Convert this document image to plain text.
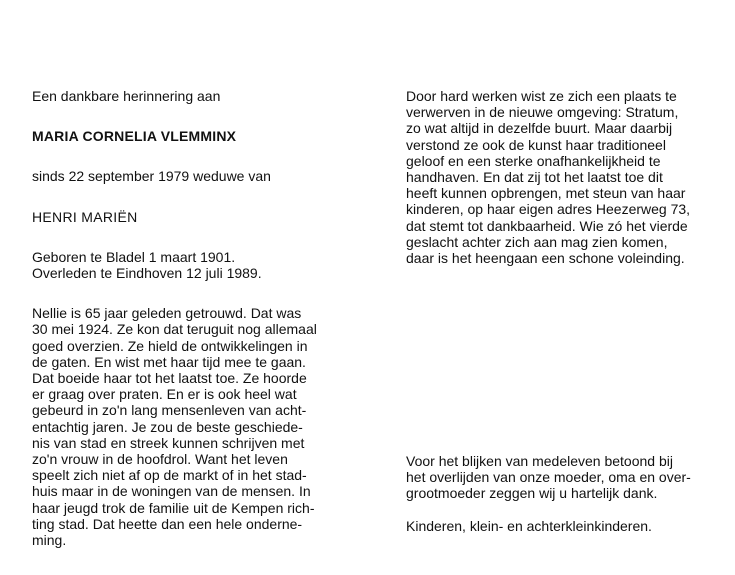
Een dankbare herinnering aan
MARIA CORNELIA VLEMMINX
sinds 22 september 1979 weduwe van
HENRI MARIËN
Geboren te Bladel 1 maart 1901.
Overleden te Eindhoven 12 juli 1989.
Nellie is 65 jaar geleden getrouwd. Dat was
30 mei 1924. Ze kon dat teruguit nog allemaal
goed overzien. Ze hield de ontwikkelingen in
de gaten. En wist met haar tijd mee te gaan.
Dat boeide haar tot het laatst toe. Ze hoorde
er graag over praten. En er is ook heel wat
gebeurd in zo'n lang mensenleven van acht-
entachtig jaren. Je zou de beste geschiede-
nis van stad en streek kunnen schrijven met
zo'n vrouw in de hoofdrol. Want het leven
speelt zich niet af op de markt of in het stad-
huis maar in de woningen van de mensen. In
haar jeugd trok de familie uit de Kempen rich-
ting stad. Dat heette dan een hele onderne-
ming.
Door hard werken wist ze zich een plaats te
verwerven in de nieuwe omgeving: Stratum,
zo wat altijd in dezelfde buurt. Maar daarbij
verstond ze ook de kunst haar traditioneel
geloof en een sterke onafhankelijkheid te
handhaven. En dat zij tot het laatst toe dit
heeft kunnen opbrengen, met steun van haar
kinderen, op haar eigen adres Heezerweg 73,
dat stemt tot dankbaarheid. Wie zó het vierde
geslacht achter zich aan mag zien komen,
daar is het heengaan een schone voleinding.
Voor het blijken van medeleven betoond bij
het overlijden van onze moeder, oma en over-
grootmoeder zeggen wij u hartelijk dank.
Kinderen, klein- en achterkleinkinderen.
